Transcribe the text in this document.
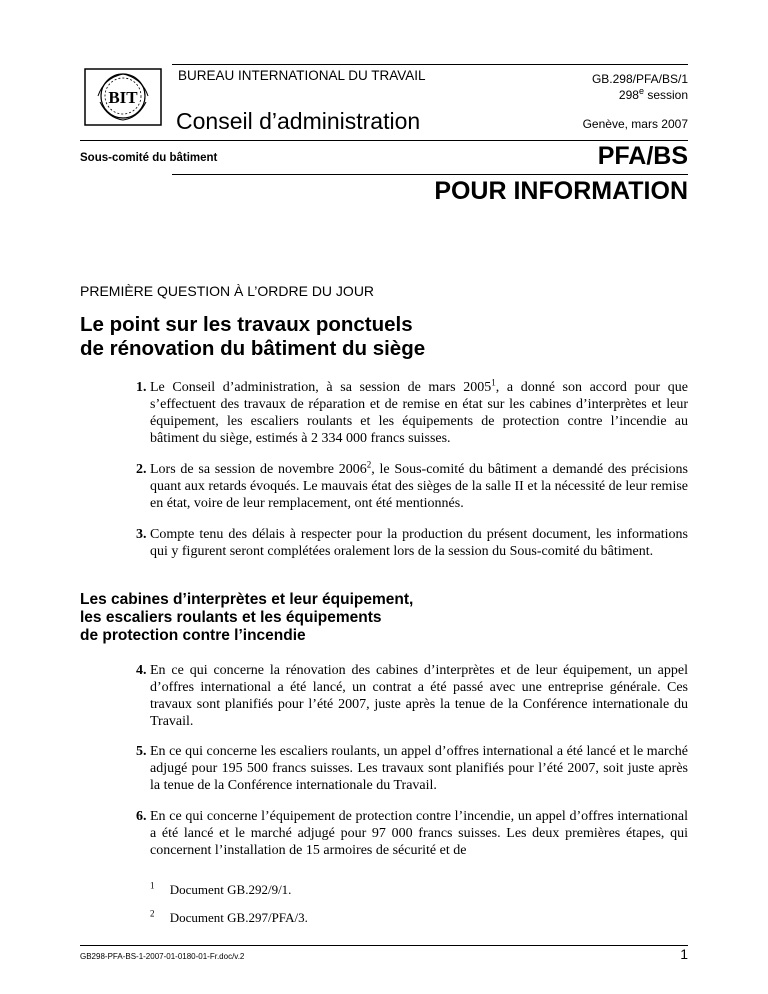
BIT
BUREAU INTERNATIONAL DU TRAVAIL	GB.298/PFA/BS/1
298e session
Conseil d’administration	Genève, mars 2007
Sous-comité du bâtiment	PFA/BS
POUR INFORMATION
PREMIÈRE QUESTION À L’ORDRE DU JOUR
Le point sur les travaux ponctuels
de rénovation du bâtiment du siège
1. Le Conseil d’administration, à sa session de mars 2005$^1$, a donné son accord pour que s’effectuent des travaux de réparation et de remise en état sur les cabines d’interprètes et leur équipement, les escaliers roulants et les équipements de protection contre l’incendie au bâtiment du siège, estimés à 2 334 000 francs suisses.
2. Lors de sa session de novembre 2006$^2$, le Sous-comité du bâtiment a demandé des précisions quant aux retards évoqués. Le mauvais état des sièges de la salle II et la nécessité de leur remise en état, voire de leur remplacement, ont été mentionnés.
3. Compte tenu des délais à respecter pour la production du présent document, les informations qui y figurent seront complétées oralement lors de la session du Sous-comité du bâtiment.
Les cabines d’interprètes et leur équipement,
les escaliers roulants et les équipements
de protection contre l’incendie
4. En ce qui concerne la rénovation des cabines d’interprètes et de leur équipement, un appel d’offres international a été lancé, un contrat a été passé avec une entreprise générale. Ces travaux sont planifiés pour l’été 2007, juste après la tenue de la Conférence internationale du Travail.
5. En ce qui concerne les escaliers roulants, un appel d’offres international a été lancé et le marché adjugé pour 195 500 francs suisses. Les travaux sont planifiés pour l’été 2007, soit juste après la tenue de la Conférence internationale du Travail.
6. En ce qui concerne l’équipement de protection contre l’incendie, un appel d’offres international a été lancé et le marché adjugé pour 97 000 francs suisses. Les deux premières étapes, qui concernent l’installation de 15 armoires de sécurité et de
$^1$ Document GB.292/9/1.
$^2$ Document GB.297/PFA/3.
GB298-PFA-BS-1-2007-01-0180-01-Fr.doc/v.2	1
